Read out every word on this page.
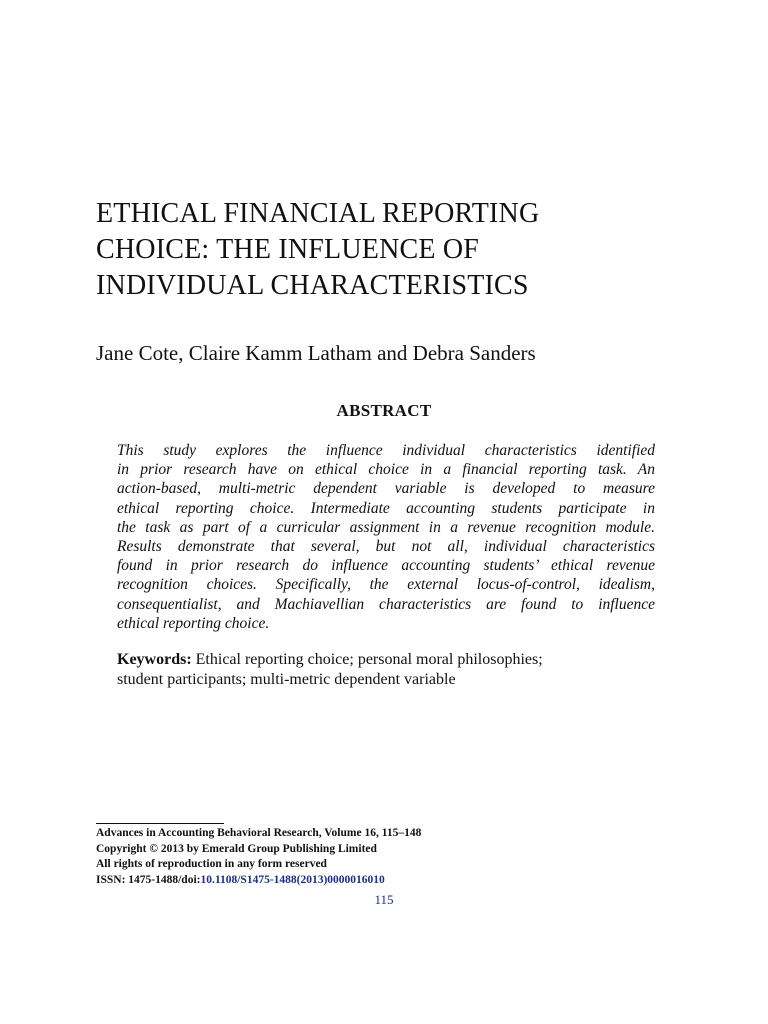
ETHICAL FINANCIAL REPORTING
CHOICE: THE INFLUENCE OF
INDIVIDUAL CHARACTERISTICS

Jane Cote, Claire Kamm Latham and Debra Sanders

ABSTRACT

This study explores the influence individual characteristics identified
in prior research have on ethical choice in a financial reporting task. An
action-based, multi-metric dependent variable is developed to measure
ethical reporting choice. Intermediate accounting students participate in
the task as part of a curricular assignment in a revenue recognition module.
Results demonstrate that several, but not all, individual characteristics
found in prior research do influence accounting students’ ethical revenue
recognition choices. Specifically, the external locus-of-control, idealism,
consequentialist, and Machiavellian characteristics are found to influence
ethical reporting choice.

Keywords: Ethical reporting choice; personal moral philosophies;
student participants; multi-metric dependent variable

Advances in Accounting Behavioral Research, Volume 16, 115–148
Copyright © 2013 by Emerald Group Publishing Limited
All rights of reproduction in any form reserved
ISSN: 1475-1488/doi:10.1108/S1475-1488(2013)0000016010
115
